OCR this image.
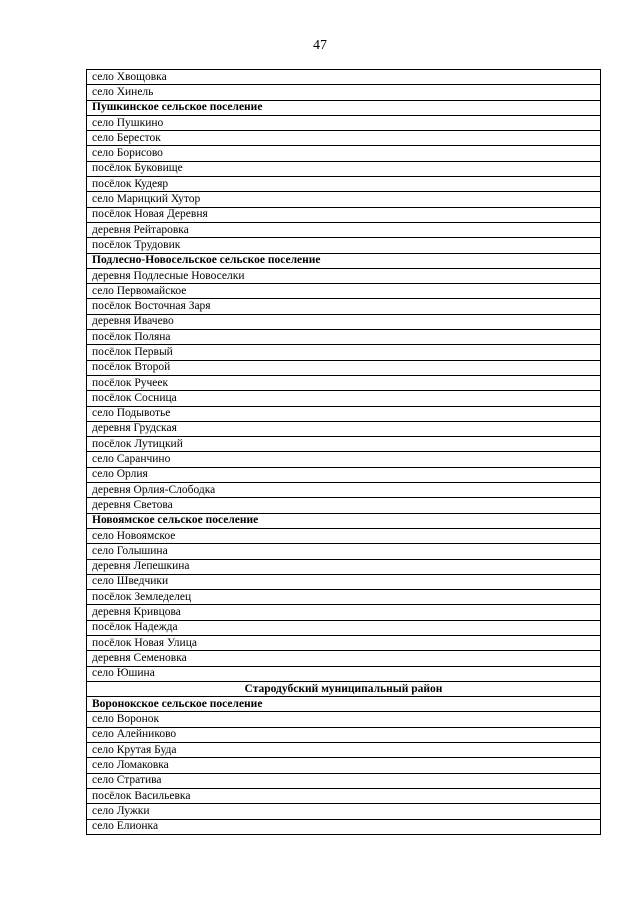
47
село Хвощовка
село Хинель
Пушкинское сельское поселение
село Пушкино
село Бересток
село Борисово
посёлок Буковище
посёлок Кудеяр
село Марицкий Хутор
посёлок Новая Деревня
деревня Рейтаровка
посёлок Трудовик
Подлесно-Новосельское сельское поселение
деревня Подлесные Новоселки
село Первомайское
посёлок Восточная Заря
деревня Ивачево
посёлок Поляна
посёлок Первый
посёлок Второй
посёлок Ручеек
посёлок Сосница
село Подывотье
деревня Грудская
посёлок Лутицкий
село Саранчино
село Орлия
деревня Орлия-Слободка
деревня Светова
Новоямское сельское поселение
село Новоямское
село Голышина
деревня Лепешкина
село Шведчики
посёлок Земледелец
деревня Кривцова
посёлок Надежда
посёлок Новая Улица
деревня Семеновка
село Юшина
Стародубский муниципальный район
Воронокское сельское поселение
село Воронок
село Алейниково
село Крутая Буда
село Ломаковка
село Стратива
посёлок Васильевка
село Лужки
село Елионка
